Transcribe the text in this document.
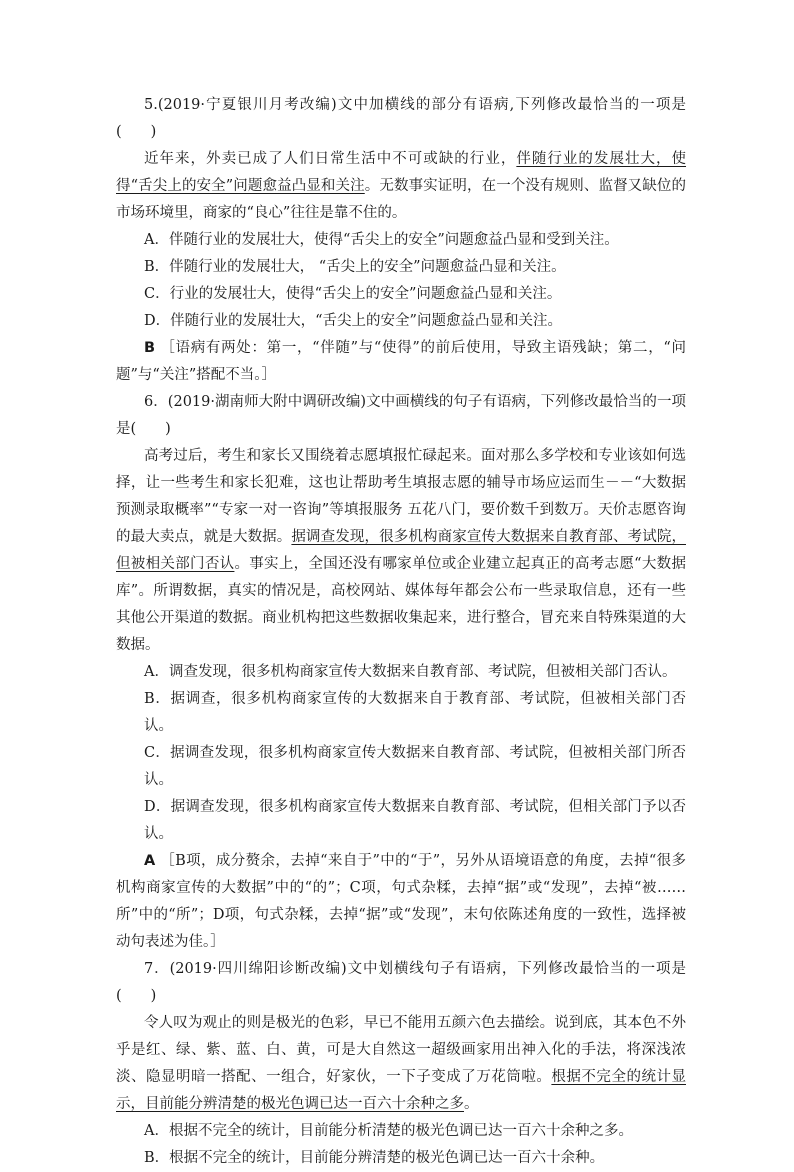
5.(2019·宁夏银川月考改编)文中加横线的部分有语病,下列修改最恰当的一项是(　　)

近年来，外卖已成了人们日常生活中不可或缺的行业，伴随行业的发展壮大，使得“舌尖上的安全”问题愈益凸显和关注。无数事实证明，在一个没有规则、监督又缺位的市场环境里，商家的“良心”往往是靠不住的。

A．伴随行业的发展壮大，使得“舌尖上的安全”问题愈益凸显和受到关注。

B．伴随行业的发展壮大， “舌尖上的安全”问题愈益凸显和关注。

C．行业的发展壮大，使得“舌尖上的安全”问题愈益凸显和关注。

D．伴随行业的发展壮大，“舌尖上的安全”问题愈益凸显和关注。

B ［语病有两处：第一，“伴随”与“使得”的前后使用，导致主语残缺；第二，“问题”与“关注”搭配不当。］

6．(2019·湖南师大附中调研改编)文中画横线的句子有语病，下列修改最恰当的一项是(　　)

高考过后，考生和家长又围绕着志愿填报忙碌起来。面对那么多学校和专业该如何选择，让一些考生和家长犯难，这也让帮助考生填报志愿的辅导市场应运而生－－“大数据预测录取概率”“专家一对一咨询”等填报服务 五花八门，要价数千到数万。天价志愿咨询的最大卖点，就是大数据。据调查发现，很多机构商家宣传大数据来自教育部、考试院，但被相关部门否认。事实上，全国还没有哪家单位或企业建立起真正的高考志愿“大数据库”。所谓数据，真实的情况是，高校网站、媒体每年都会公布一些录取信息，还有一些其他公开渠道的数据。商业机构把这些数据收集起来，进行整合，冒充来自特殊渠道的大数据。

A．调查发现，很多机构商家宣传大数据来自教育部、考试院，但被相关部门否认。

B．据调查，很多机构商家宣传的大数据来自于教育部、考试院，但被相关部门否认。

C．据调查发现，很多机构商家宣传大数据来自教育部、考试院，但被相关部门所否认。

D．据调查发现，很多机构商家宣传大数据来自教育部、考试院，但相关部门予以否认。

A ［B项，成分赘余，去掉“来自于”中的“于”，另外从语境语意的角度，去掉“很多机构商家宣传的大数据”中的“的”；C项，句式杂糅，去掉“据”或“发现”，去掉“被……所”中的“所”；D项，句式杂糅，去掉“据”或“发现”，末句依陈述角度的一致性，选择被动句表述为佳。］

7．(2019·四川绵阳诊断改编)文中划横线句子有语病，下列修改最恰当的一项是(　　)

令人叹为观止的则是极光的色彩，早已不能用五颜六色去描绘。说到底，其本色不外乎是红、绿、紫、蓝、白、黄，可是大自然这一超级画家用出神入化的手法，将深浅浓淡、隐显明暗一搭配、一组合，好家伙，一下子变成了万花筒啦。根据不完全的统计显示，目前能分辨清楚的极光色调已达一百六十余种之多。

A．根据不完全的统计，目前能分析清楚的极光色调已达一百六十余种之多。

B．根据不完全的统计，目前能分辨清楚的极光色调已达一百六十余种。
